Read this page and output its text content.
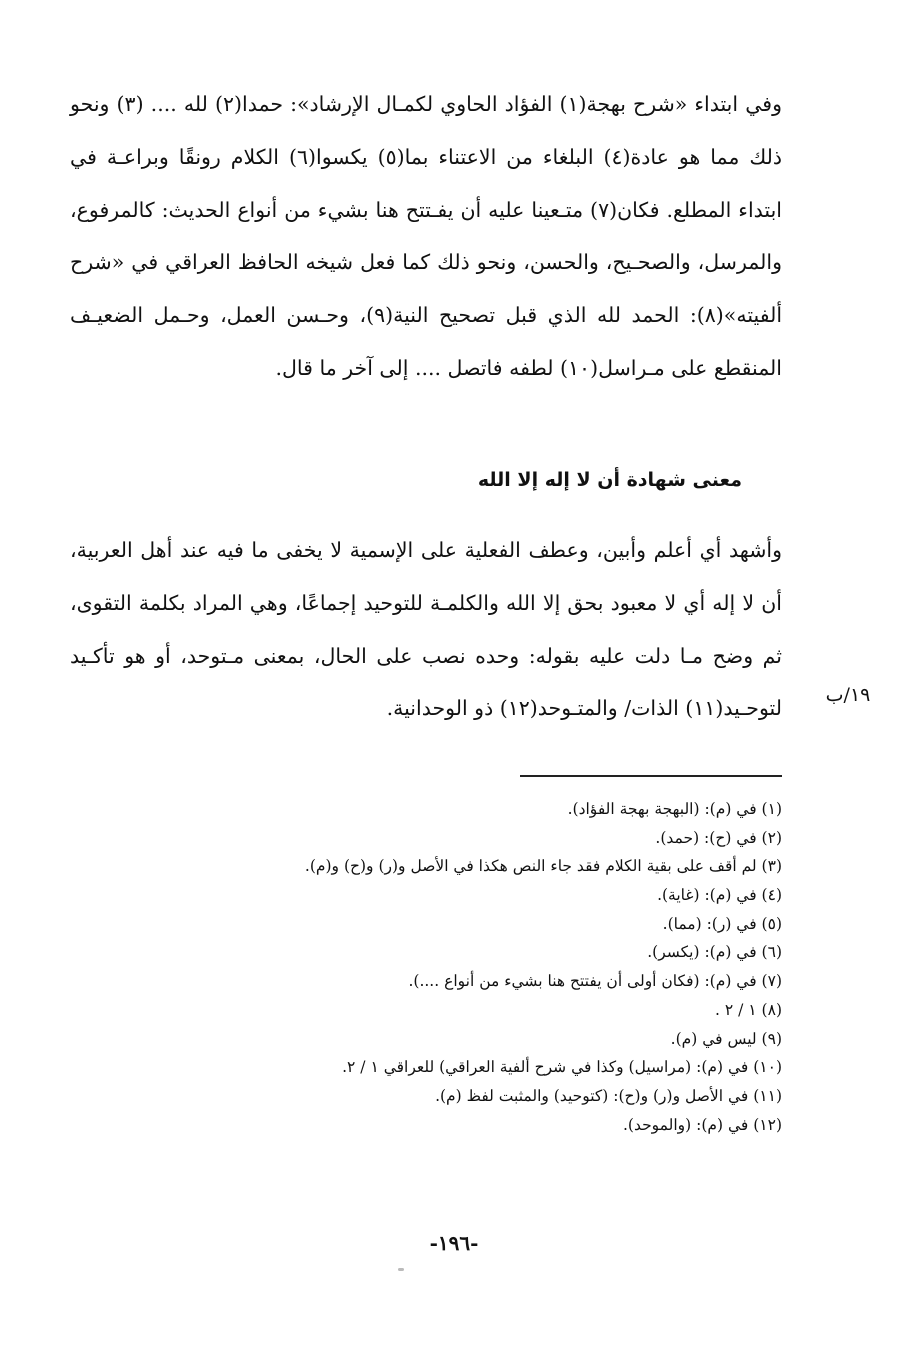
وفي ابتداء «شرح بهجة(١) الفؤاد الحاوي لكمـال الإرشاد»: حمدا(٢) لله .... (٣) ونحو ذلك مما هو عادة(٤) البلغاء من الاعتناء بما(٥) يكسوا(٦) الكلام رونقًا وبراعـة في ابتداء المطلع. فكان(٧) متـعينا عليه أن يفـتتح هنا بشيء من أنواع الحديث: كالمرفوع، والمرسل، والصحـيح، والحسن، ونحو ذلك كما فعل شيخه الحافظ العراقي في «شرح ألفيته»(٨): الحمد لله الذي قبل تصحيح النية(٩)، وحـسن العمل، وحـمل الضعيـف المنقطع على مـراسل(١٠) لطفه فاتصل .... إلى آخر ما قال.

معنى شهادة أن لا إله إلا الله

وأشهد أي أعلم وأبين، وعطف الفعلية على الإسمية لا يخفى ما فيه عند أهل العربية، أن لا إله أي لا معبود بحق إلا الله والكلمـة للتوحيد إجماعًا، وهي المراد بكلمة التقوى، ثم وضح مـا دلت عليه بقوله: وحده نصب على الحال، بمعنى مـتوحد، أو هو تأكـيد لتوحـيد(١١) الذات/ والمتـوحد(١٢) ذو الوحدانية.

١٩/ب
(١) في (م): (البهجة بهجة الفؤاد).
(٢) في (ح): (حمد).
(٣) لم أقف على بقية الكلام فقد جاء النص هكذا في الأصل و(ر) و(ح) و(م).
(٤) في (م): (غاية).
(٥) في (ر): (مما).
(٦) في (م): (يكسر).
(٧) في (م): (فكان أولى أن يفتتح هنا بشيء من أنواع ....).
(٨) ١ / ٢ .
(٩) ليس في (م).
(١٠) في (م): (مراسيل) وكذا في شرح ألفية العراقي) للعراقي ١ / ٢.
(١١) في الأصل و(ر) و(ح): (كتوحيد) والمثبت لفظ (م).
(١٢) في (م): (والموحد).
-١٩٦-
